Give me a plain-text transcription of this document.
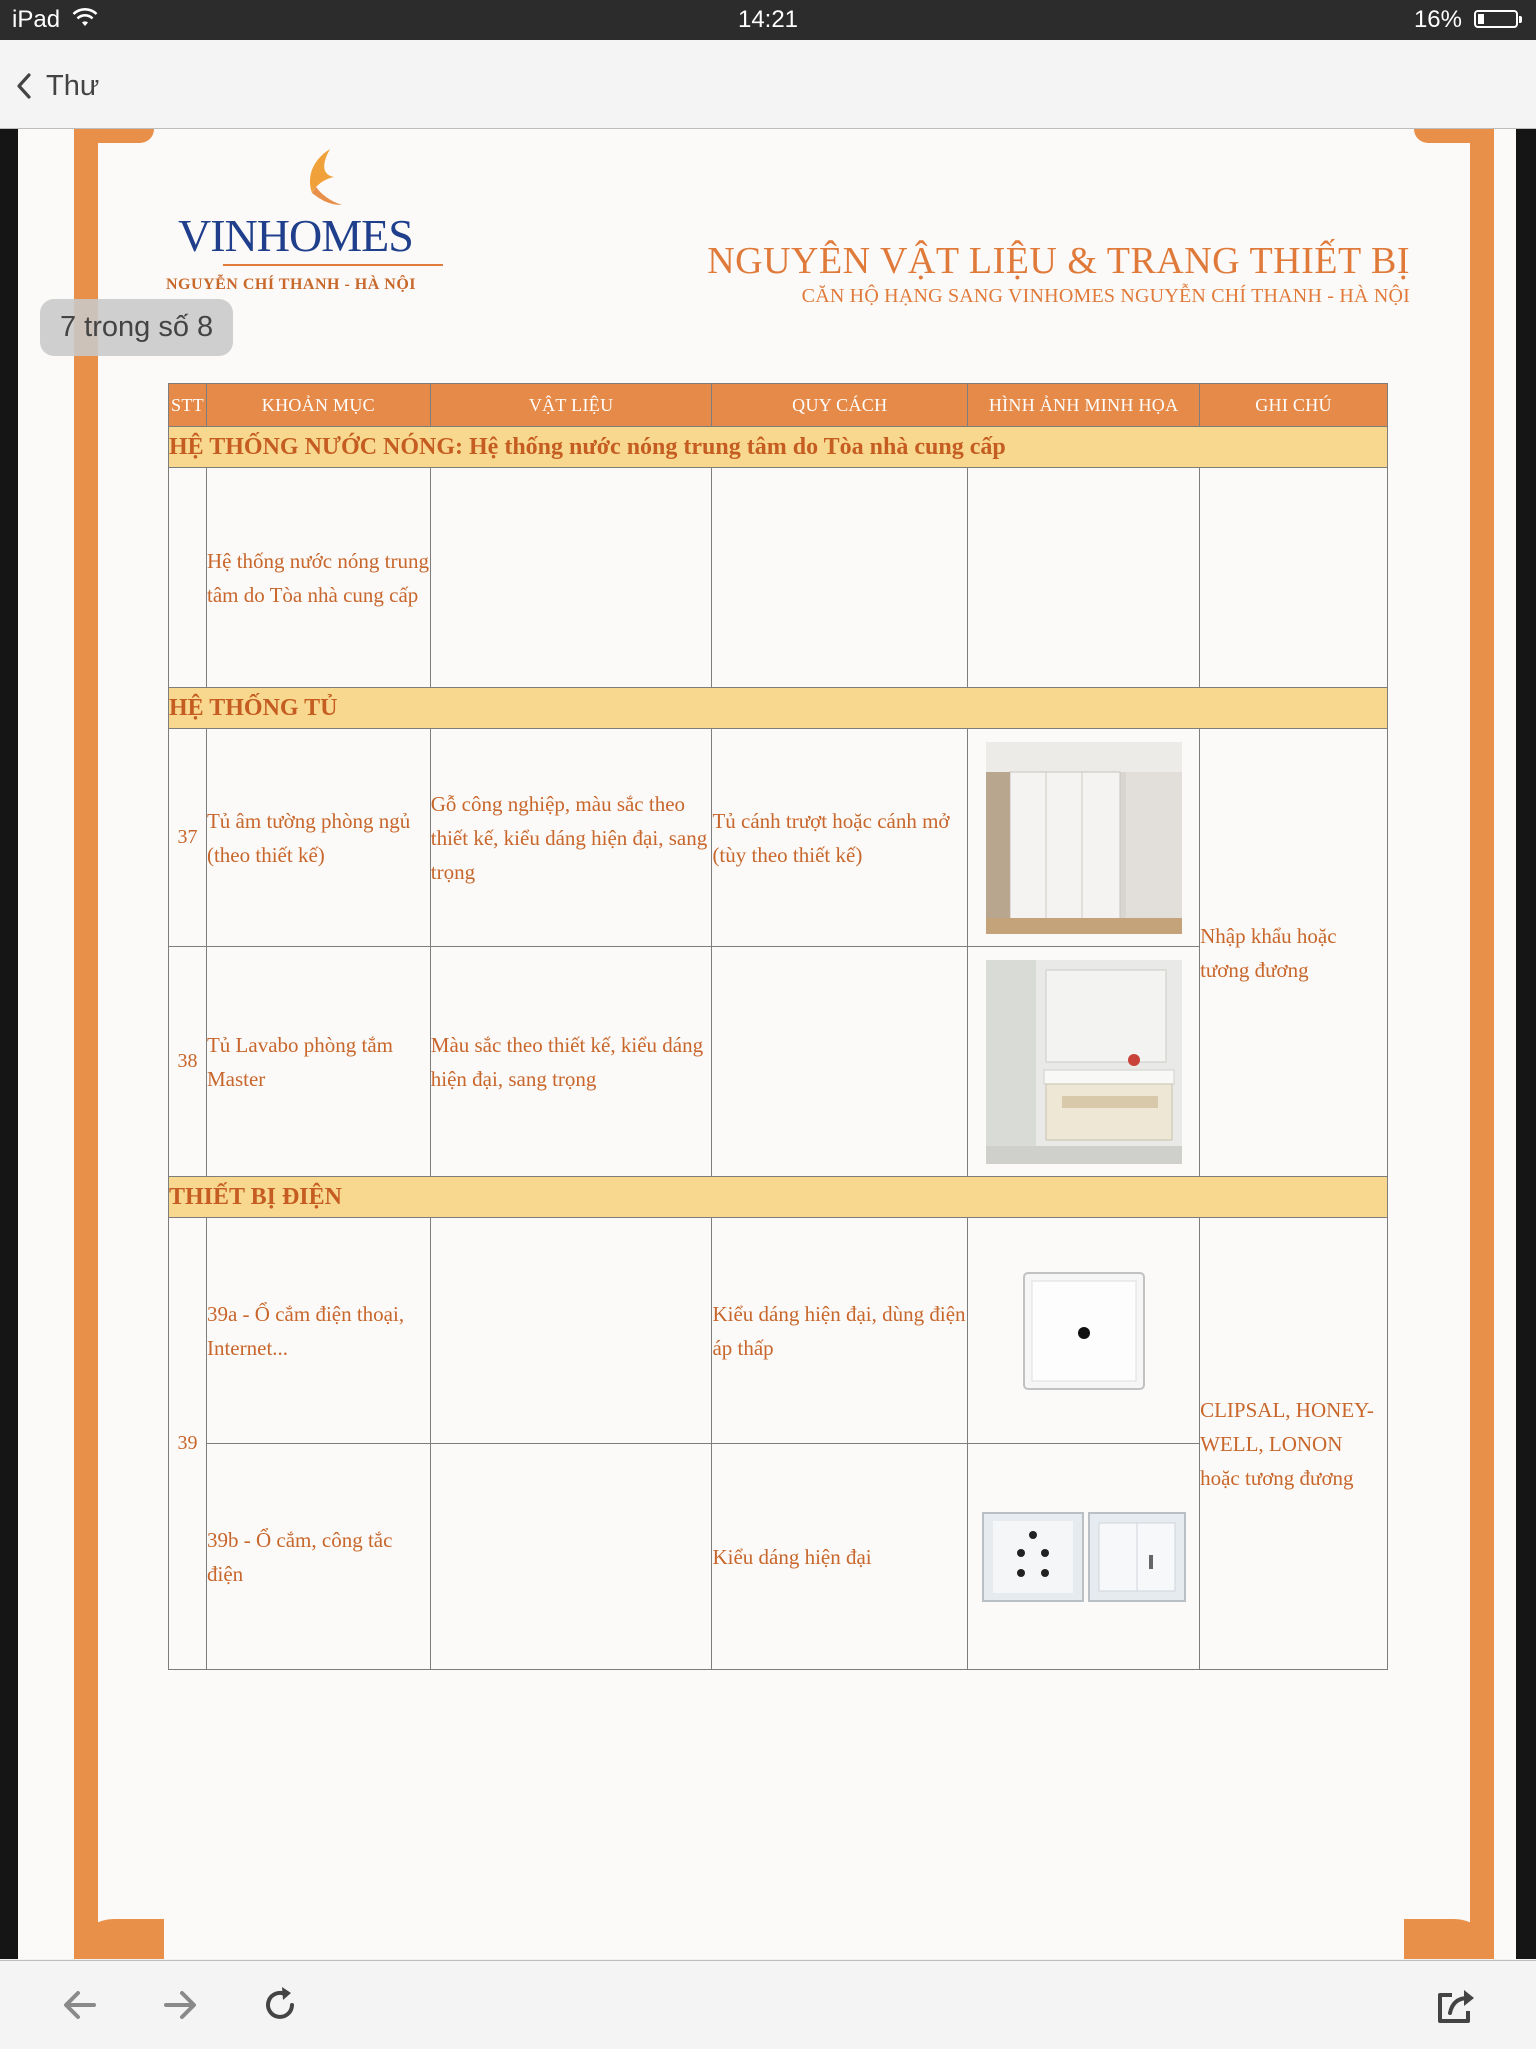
iPad	14:21	16%
Thư
VINHOMES
NGUYỄN CHÍ THANH - HÀ NỘI
NGUYÊN VẬT LIỆU & TRANG THIẾT BỊ
CĂN HỘ HẠNG SANG VINHOMES NGUYỄN CHÍ THANH - HÀ NỘI
STT	KHOẢN MỤC	VẬT LIỆU	QUY CÁCH	HÌNH ẢNH MINH HỌA	GHI CHÚ
HỆ THỐNG NƯỚC NÓNG: Hệ thống nước nóng trung tâm do Tòa nhà cung cấp					
	Hệ thống nước nóng trung tâm do Tòa nhà cung cấp				
HỆ THỐNG TỦ					
37	Tủ âm tường phòng ngủ (theo thiết kế)	Gỗ công nghiệp, màu sắc theo thiết kế, kiểu dáng hiện đại, sang trọng	Tủ cánh trượt hoặc cánh mở (tùy theo thiết kế)		Nhập khẩu hoặc tương đương
38	Tủ Lavabo phòng tắm Master	Màu sắc theo thiết kế, kiểu dáng hiện đại, sang trọng		
THIẾT BỊ ĐIỆN					
39	39a - Ổ cắm điện thoại, Internet...		Kiểu dáng hiện đại, dùng điện áp thấp		CLIPSAL, HONEY-WELL, LONON hoặc tương đương
	39b - Ổ cắm, công tắc điện		Kiểu dáng hiện đại	
7 trong số 8
